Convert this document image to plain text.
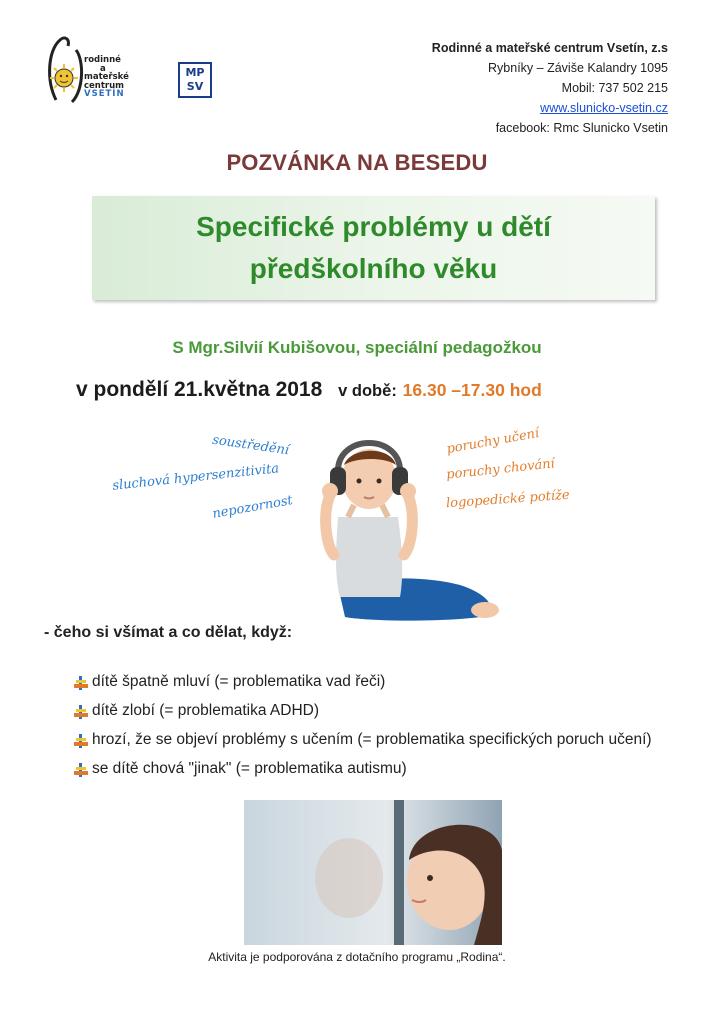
rodinné
a
mateřské
centrum
VSETÍN
MP
SV
Rodinné a mateřské centrum Vsetín, z.s
Rybníky – Záviše Kalandry 1095
Mobil: 737 502 215
www.slunicko-vsetin.cz
facebook: Rmc Slunicko Vsetin
POZVÁNKA NA BESEDU
Specifické problémy u dětí
předškolního věku
S Mgr.Silvií Kubišovou, speciální pedagožkou
v pondělí 21.května 2018 v době: 16.30 –17.30 hod
soustředění
sluchová hypersenzitivita
nepozornost
poruchy učení
poruchy chování
logopedické potíže
- čeho si všímat a co dělat, když:
dítě špatně mluví (= problematika vad řeči)
dítě zlobí (= problematika ADHD)
hrozí, že se objeví problémy s učením (= problematika specifických poruch učení)
se dítě chová "jinak" (= problematika autismu)
Aktivita je podporována z dotačního programu „Rodina“.
